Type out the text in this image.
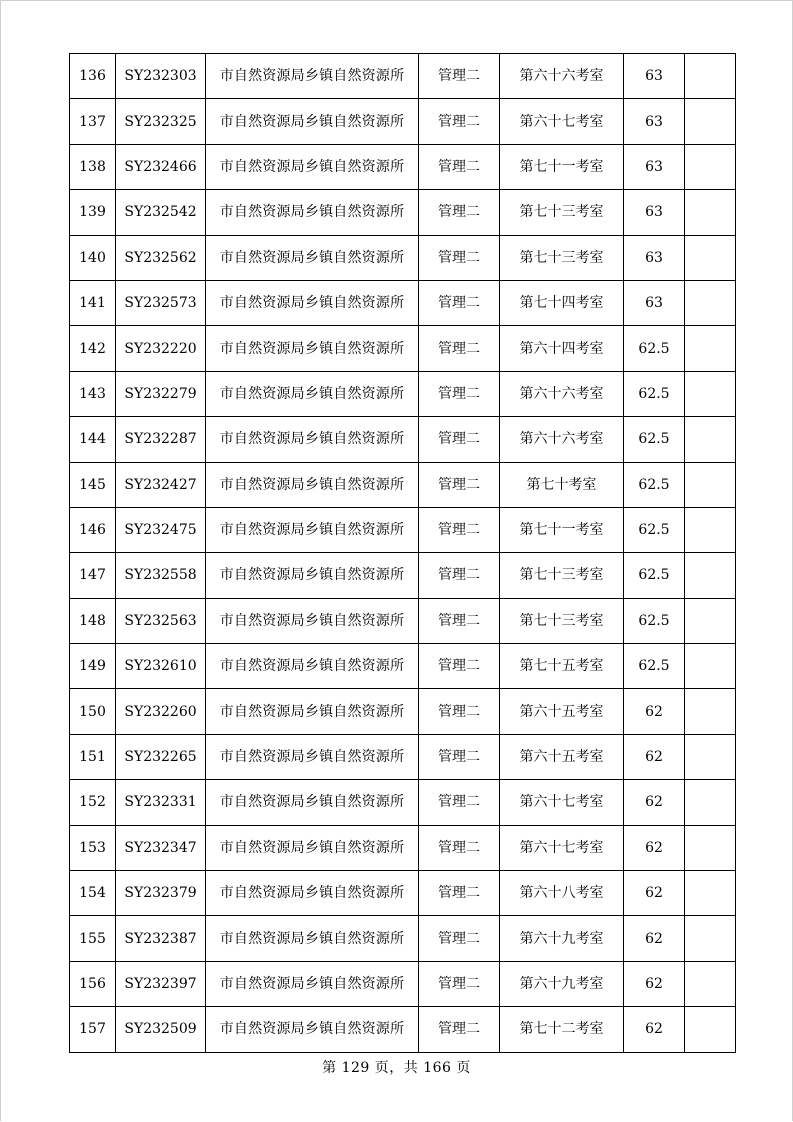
136	SY232303	市自然资源局乡镇自然资源所	管理二	第六十六考室	63	
137	SY232325	市自然资源局乡镇自然资源所	管理二	第六十七考室	63	
138	SY232466	市自然资源局乡镇自然资源所	管理二	第七十一考室	63	
139	SY232542	市自然资源局乡镇自然资源所	管理二	第七十三考室	63	
140	SY232562	市自然资源局乡镇自然资源所	管理二	第七十三考室	63	
141	SY232573	市自然资源局乡镇自然资源所	管理二	第七十四考室	63	
142	SY232220	市自然资源局乡镇自然资源所	管理二	第六十四考室	62.5	
143	SY232279	市自然资源局乡镇自然资源所	管理二	第六十六考室	62.5	
144	SY232287	市自然资源局乡镇自然资源所	管理二	第六十六考室	62.5	
145	SY232427	市自然资源局乡镇自然资源所	管理二	第七十考室	62.5	
146	SY232475	市自然资源局乡镇自然资源所	管理二	第七十一考室	62.5	
147	SY232558	市自然资源局乡镇自然资源所	管理二	第七十三考室	62.5	
148	SY232563	市自然资源局乡镇自然资源所	管理二	第七十三考室	62.5	
149	SY232610	市自然资源局乡镇自然资源所	管理二	第七十五考室	62.5	
150	SY232260	市自然资源局乡镇自然资源所	管理二	第六十五考室	62	
151	SY232265	市自然资源局乡镇自然资源所	管理二	第六十五考室	62	
152	SY232331	市自然资源局乡镇自然资源所	管理二	第六十七考室	62	
153	SY232347	市自然资源局乡镇自然资源所	管理二	第六十七考室	62	
154	SY232379	市自然资源局乡镇自然资源所	管理二	第六十八考室	62	
155	SY232387	市自然资源局乡镇自然资源所	管理二	第六十九考室	62	
156	SY232397	市自然资源局乡镇自然资源所	管理二	第六十九考室	62	
157	SY232509	市自然资源局乡镇自然资源所	管理二	第七十二考室	62	
第 129 页，共 166 页
